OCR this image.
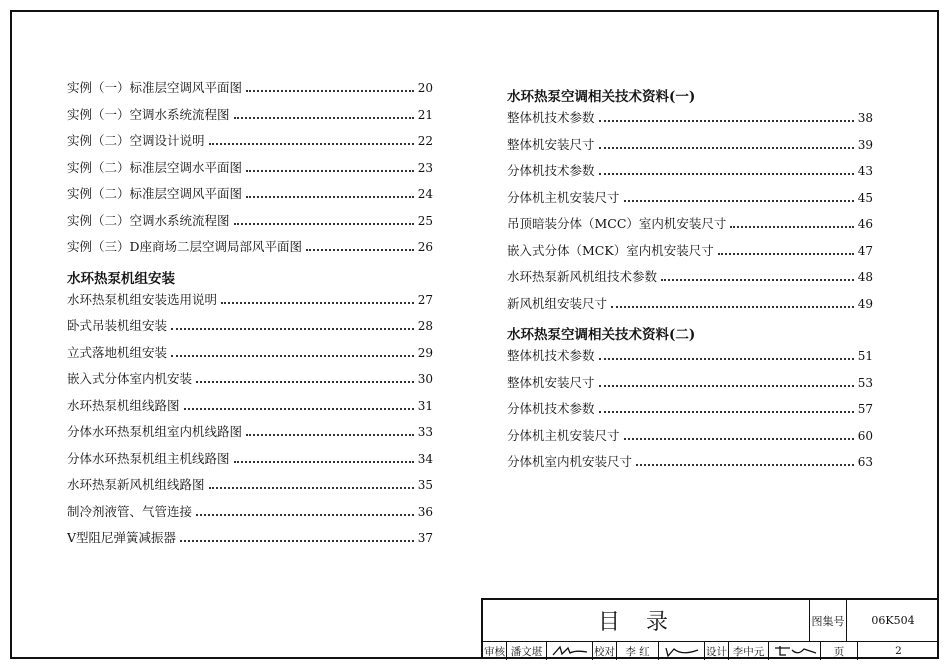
实例（一）标准层空调风平面图	20
实例（一）空调水系统流程图	21
实例（二）空调设计说明	22
实例（二）标准层空调水平面图	23
实例（二）标准层空调风平面图	24
实例（二）空调水系统流程图	25
实例（三）D座商场二层空调局部风平面图	26
水环热泵机组安装
水环热泵机组安装选用说明	27
卧式吊装机组安装	28
立式落地机组安装	29
嵌入式分体室内机安装	30
水环热泵机组线路图	31
分体水环热泵机组室内机线路图	33
分体水环热泵机组主机线路图	34
水环热泵新风机组线路图	35
制冷剂液管、气管连接	36
V型阻尼弹簧减振器	37
水环热泵空调相关技术资料(一)
整体机技术参数	38
整体机安装尺寸	39
分体机技术参数	43
分体机主机安装尺寸	45
吊顶暗装分体（MCC）室内机安装尺寸	46
嵌入式分体（MCK）室内机安装尺寸	47
水环热泵新风机组技术参数	48
新风机组安装尺寸	49
水环热泵空调相关技术资料(二)
整体机技术参数	51
整体机安装尺寸	53
分体机技术参数	57
分体机主机安装尺寸	60
分体机室内机安装尺寸	63
目录	图集号	06K504
审核 潘文堪	校对 李 红	设计 李中元	页	2
